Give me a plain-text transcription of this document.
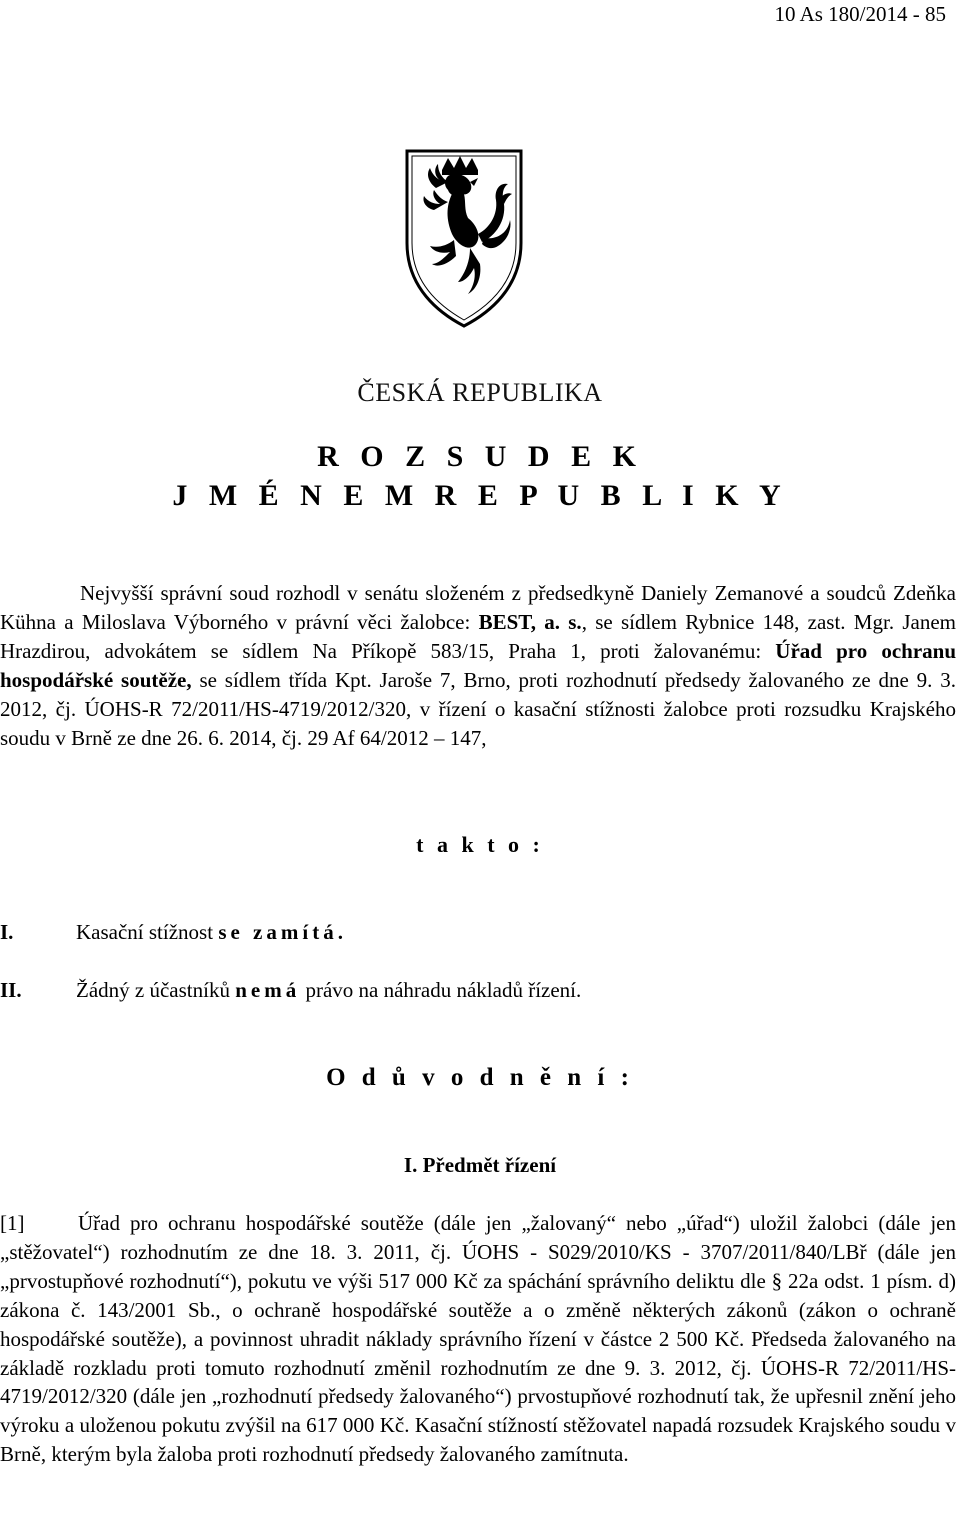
10 As 180/2014 - 85
ČESKÁ REPUBLIKA
R O Z S U D E K
J M É N E M R E P U B L I K Y
Nejvyšší správní soud rozhodl v senátu složeném z předsedkyně Daniely Zemanové a soudců Zdeňka Kühna a Miloslava Výborného v právní věci žalobce: BEST, a. s., se sídlem Rybnice 148, zast. Mgr. Janem Hrazdirou, advokátem se sídlem Na Příkopě 583/15, Praha 1, proti žalovanému: Úřad pro ochranu hospodářské soutěže, se sídlem třída Kpt. Jaroše 7, Brno, proti rozhodnutí předsedy žalovaného ze dne 9. 3. 2012, čj. ÚOHS-R 72/2011/HS-4719/2012/320, v řízení o kasační stížnosti žalobce proti rozsudku Krajského soudu v Brně ze dne 26. 6. 2014, čj. 29 Af 64/2012 – 147,
t a k t o :
I.	Kasační stížnost se zamítá.
II.	Žádný z účastníků nemá právo na náhradu nákladů řízení.
O d ů v o d n ě n í :
I. Předmět řízení
[1]	Úřad pro ochranu hospodářské soutěže (dále jen „žalovaný“ nebo „úřad“) uložil žalobci (dále jen „stěžovatel“) rozhodnutím ze dne 18. 3. 2011, čj. ÚOHS - S029/2010/KS - 3707/2011/840/LBř (dále jen „prvostupňové rozhodnutí“), pokutu ve výši 517 000 Kč za spáchání správního deliktu dle § 22a odst. 1 písm. d) zákona č. 143/2001 Sb., o ochraně hospodářské soutěže a o změně některých zákonů (zákon o ochraně hospodářské soutěže), a povinnost uhradit náklady správního řízení v částce 2 500 Kč. Předseda žalovaného na základě rozkladu proti tomuto rozhodnutí změnil rozhodnutím ze dne 9. 3. 2012, čj. ÚOHS-R 72/2011/HS-4719/2012/320 (dále jen „rozhodnutí předsedy žalovaného“) prvostupňové rozhodnutí tak, že upřesnil znění jeho výroku a uloženou pokutu zvýšil na 617 000 Kč. Kasační stížností stěžovatel napadá rozsudek Krajského soudu v Brně, kterým byla žaloba proti rozhodnutí předsedy žalovaného zamítnuta.
